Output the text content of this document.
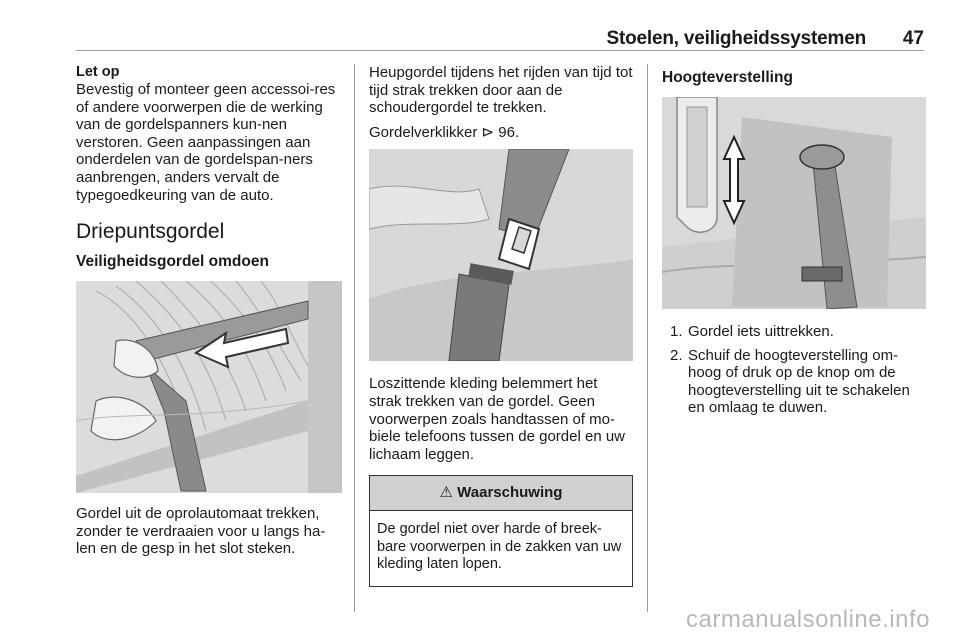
Stoelen, veiligheidssystemen 47
Let op

Bevestig of monteer geen accessoi-res of andere voorwerpen die de werking van de gordelspanners kun-nen verstoren. Geen aanpassingen aan onderdelen van de gordelspan-ners aanbrengen, anders vervalt de typegoedkeuring van de auto.

Driepuntsgordel
Veiligheidsgordel omdoen

Gordel uit de oprolautomaat trekken, zonder te verdraaien voor u langs ha-len en de gesp in het slot steken.

Heupgordel tijdens het rijden van tijd tot tijd strak trekken door aan de schoudergordel te trekken.

Gordelverklikker ⊳ 96.

Loszittende kleding belemmert het strak trekken van de gordel. Geen voorwerpen zoals handtassen of mo-biele telefoons tussen de gordel en uw lichaam leggen.

⚠ Waarschuwing
De gordel niet over harde of breek-bare voorwerpen in de zakken van uw kleding laten lopen.
Hoogteverstelling
1. Gordel iets uittrekken.
2. Schuif de hoogteverstelling om-hoog of druk op de knop om de hoogteverstelling uit te schakelen en omlaag te duwen.
carmanualsonline.info
